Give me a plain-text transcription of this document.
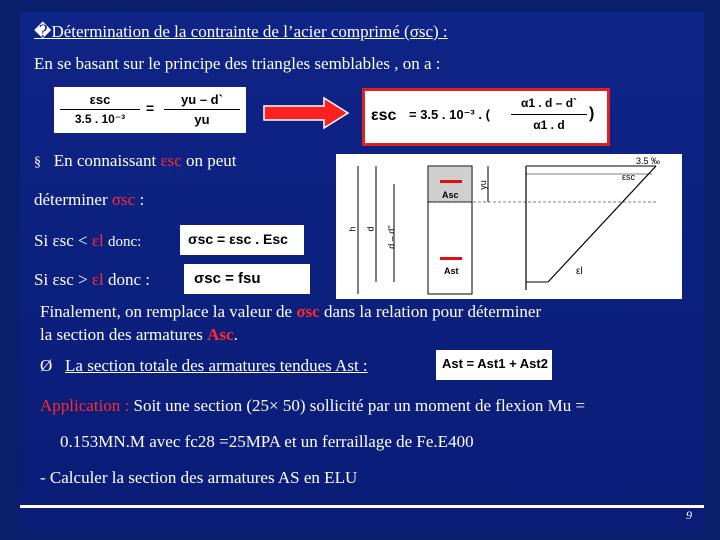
�Détermination de la contrainte de l’acier comprimé (σsc) :
En se basant sur le principe des triangles semblables , on a :
εsc
3.5 . 10⁻³
=
yu – d`
yu	εsc = 3.5 . 10⁻³ . (
α1 . d – d`
α1 . d
)
§ En connaissant εsc on peut
déterminer σsc :
Si εsc < εl donc:	σsc = εsc . Esc
Si εsc > εl donc :	σsc = fsu
3.5 ‰
εsc
yu
h d d – d''
Asc
Ast	εl
Finalement, on remplace la valeur de σsc dans la relation pour déterminer
la section des armatures Asc.
Ø La section totale des armatures tendues Ast :	Ast = Ast1 + Ast2
Application : Soit une section (25× 50) sollicité par un moment de flexion Mu =
0.153MN.M avec fc28 =25MPA et un ferraillage de Fe.E400
- Calculer la section des armatures AS en ELU
9
